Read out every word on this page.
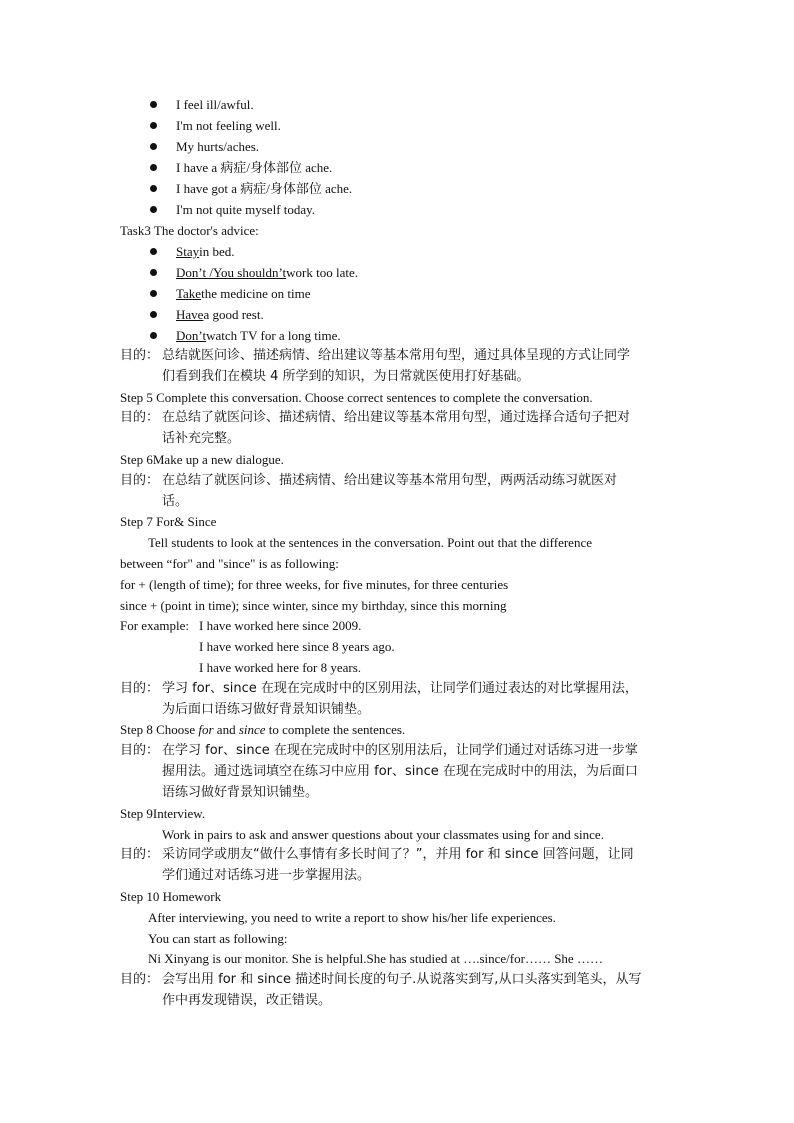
I feel ill/awful.
I'm not feeling well.
My hurts/aches.
I have a 病症/身体部位 ache.
I have got a 病症/身体部位 ache.
I'm not quite myself today.
Task3 The doctor's advice:
Stayin bed.
Don’t /You shouldn’twork too late.
Takethe medicine on time
Havea good rest.
Don’twatch TV for a long time.
目的： 总结就医问诊、描述病情、给出建议等基本常用句型，通过具体呈现的方式让同学
们看到我们在模块 4 所学到的知识，为日常就医使用打好基础。
Step 5 Complete this conversation. Choose correct sentences to complete the conversation.
目的： 在总结了就医问诊、描述病情、给出建议等基本常用句型，通过选择合适句子把对
话补充完整。
Step 6Make up a new dialogue.
目的： 在总结了就医问诊、描述病情、给出建议等基本常用句型，两两活动练习就医对
话。
Step 7 For& Since
Tell students to look at the sentences in the conversation. Point out that the difference
between “for" and "since" is as following:
for + (length of time); for three weeks, for five minutes, for three centuries
since + (point in time); since winter, since my birthday, since this morning
For example: I have worked here since 2009.
I have worked here since 8 years ago.
I have worked here for 8 years.
目的： 学习 for、since 在现在完成时中的区别用法，让同学们通过表达的对比掌握用法，
为后面口语练习做好背景知识铺垫。
Step 8 Choose for and since to complete the sentences.
目的： 在学习 for、since 在现在完成时中的区别用法后，让同学们通过对话练习进一步掌
握用法。通过选词填空在练习中应用 for、since 在现在完成时中的用法，为后面口
语练习做好背景知识铺垫。
Step 9Interview.
Work in pairs to ask and answer questions about your classmates using for and since.
目的： 采访同学或朋友“做什么事情有多长时间了？”，并用 for 和 since 回答问题，让同
学们通过对话练习进一步掌握用法。
Step 10 Homework
After interviewing, you need to write a report to show his/her life experiences.
You can start as following:
Ni Xinyang is our monitor. She is helpful.She has studied at ….since/for…… She ……
目的： 会写出用 for 和 since 描述时间长度的句子.从说落实到写,从口头落实到笔头，从写
作中再发现错误，改正错误。
